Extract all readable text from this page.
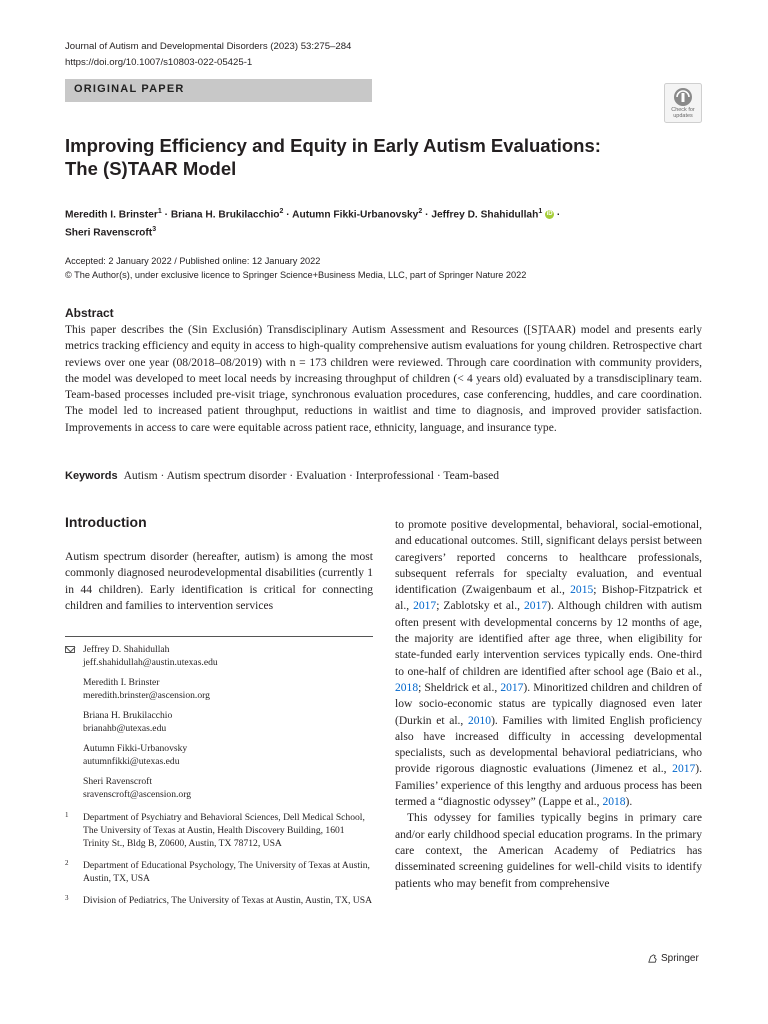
Journal of Autism and Developmental Disorders (2023) 53:275–284
https://doi.org/10.1007/s10803-022-05425-1
ORIGINAL PAPER
Check for
updates
Improving Efficiency and Equity in Early Autism Evaluations:
The (S)TAAR Model
Meredith I. Brinster$^1$ · Briana H. Brukilacchio$^2$ · Autumn Fikki-Urbanovsky$^2$ · Jeffrey D. Shahidullah$^1$ iD ·
Sheri Ravenscroft$^3$
Accepted: 2 January 2022 / Published online: 12 January 2022
© The Author(s), under exclusive licence to Springer Science+Business Media, LLC, part of Springer Nature 2022
Abstract
This paper describes the (Sin Exclusión) Transdisciplinary Autism Assessment and Resources ([S]TAAR) model and presents early metrics tracking efficiency and equity in access to high-quality comprehensive autism evaluations for young children. Retrospective chart reviews over one year (08/2018–08/2019) with n = 173 children were reviewed. Through care coordination with community providers, the model was developed to meet local needs by increasing throughput of children (< 4 years old) evaluated by a transdisciplinary team. Team-based processes included pre-visit triage, synchronous evaluation procedures, case conferencing, huddles, and care coordination. The model led to increased patient throughput, reductions in waitlist and time to diagnosis, and improved provider satisfaction. Improvements in access to care were equitable across patient race, ethnicity, language, and insurance type.
Keywords Autism · Autism spectrum disorder · Evaluation · Interprofessional · Team-based
Introduction
Autism spectrum disorder (hereafter, autism) is among the most commonly diagnosed neurodevelopmental disabilities (currently 1 in 44 children). Early identification is critical for connecting children and families to intervention services
Jeffrey D. Shahidullah
jeff.shahidullah@austin.utexas.edu
Meredith I. Brinster
meredith.brinster@ascension.org
Briana H. Brukilacchio
brianahb@utexas.edu
Autumn Fikki-Urbanovsky
autumnfikki@utexas.edu
Sheri Ravenscroft
sravenscroft@ascension.org
1 Department of Psychiatry and Behavioral Sciences, Dell Medical School, The University of Texas at Austin, Health Discovery Building, 1601 Trinity St., Bldg B, Z0600, Austin, TX 78712, USA
2 Department of Educational Psychology, The University of Texas at Austin, Austin, TX, USA
3 Division of Pediatrics, The University of Texas at Austin, Austin, TX, USA

to promote positive developmental, behavioral, social-emotional, and educational outcomes. Still, significant delays persist between caregivers’ reported concerns to healthcare professionals, subsequent referrals for specialty evaluation, and eventual identification (Zwaigenbaum et al., 2015; Bishop-Fitzpatrick et al., 2017; Zablotsky et al., 2017). Although children with autism often present with developmental concerns by 12 months of age, the majority are identified after age three, when eligibility for state-funded early intervention services typically ends. One-third to one-half of children are identified after school age (Baio et al., 2018; Sheldrick et al., 2017). Minoritized children and children of low socio-economic status are typically diagnosed even later (Durkin et al., 2010). Families with limited English proficiency also have increased difficulty in accessing developmental specialists, such as developmental behavioral pediatricians, who provide rigorous diagnostic evaluations (Jimenez et al., 2017). Families’ experience of this lengthy and arduous process has been termed a “diagnostic odyssey” (Lappe et al., 2018).

This odyssey for families typically begins in primary care and/or early childhood special education programs. In the primary care context, the American Academy of Pediatrics has disseminated screening guidelines for well-child visits to identify patients who may benefit from comprehensive

Springer
